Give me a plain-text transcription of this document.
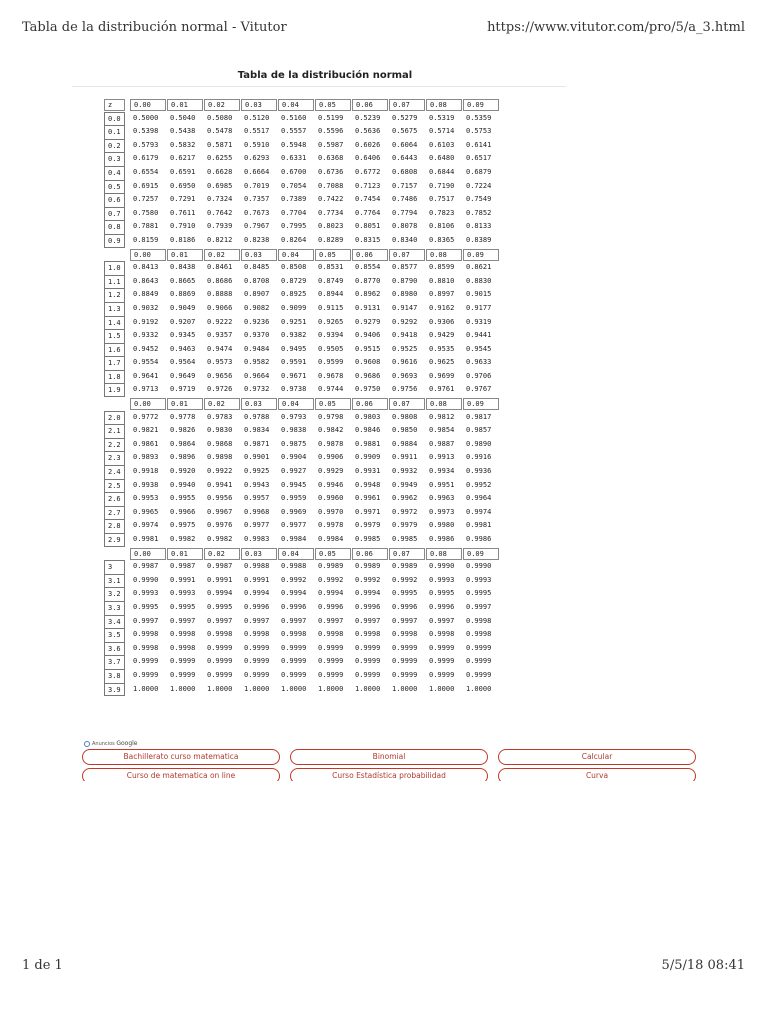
Tabla de la distribución normal - Vitutor	https://www.vitutor.com/pro/5/a_3.html
Tabla de la distribución normal
z	0.00	0.01	0.02	0.03	0.04	0.05	0.06	0.07	0.08	0.09
0.0	0.5000	0.5040	0.5080	0.5120	0.5160	0.5199	0.5239	0.5279	0.5319	0.5359
0.1	0.5398	0.5438	0.5478	0.5517	0.5557	0.5596	0.5636	0.5675	0.5714	0.5753
0.2	0.5793	0.5832	0.5871	0.5910	0.5948	0.5987	0.6026	0.6064	0.6103	0.6141
0.3	0.6179	0.6217	0.6255	0.6293	0.6331	0.6368	0.6406	0.6443	0.6480	0.6517
0.4	0.6554	0.6591	0.6628	0.6664	0.6700	0.6736	0.6772	0.6808	0.6844	0.6879
0.5	0.6915	0.6950	0.6985	0.7019	0.7054	0.7088	0.7123	0.7157	0.7190	0.7224
0.6	0.7257	0.7291	0.7324	0.7357	0.7389	0.7422	0.7454	0.7486	0.7517	0.7549
0.7	0.7580	0.7611	0.7642	0.7673	0.7704	0.7734	0.7764	0.7794	0.7823	0.7852
0.8	0.7881	0.7910	0.7939	0.7967	0.7995	0.8023	0.8051	0.8078	0.8106	0.8133
0.9	0.8159	0.8186	0.8212	0.8238	0.8264	0.8289	0.8315	0.8340	0.8365	0.8389
0.00	0.01	0.02	0.03	0.04	0.05	0.06	0.07	0.08	0.09
1.0	0.8413	0.8438	0.8461	0.8485	0.8508	0.8531	0.8554	0.8577	0.8599	0.8621
1.1	0.8643	0.8665	0.8686	0.8708	0.8729	0.8749	0.8770	0.8790	0.8810	0.8830
1.2	0.8849	0.8869	0.8888	0.8907	0.8925	0.8944	0.8962	0.8980	0.8997	0.9015
1.3	0.9032	0.9049	0.9066	0.9082	0.9099	0.9115	0.9131	0.9147	0.9162	0.9177
1.4	0.9192	0.9207	0.9222	0.9236	0.9251	0.9265	0.9279	0.9292	0.9306	0.9319
1.5	0.9332	0.9345	0.9357	0.9370	0.9382	0.9394	0.9406	0.9418	0.9429	0.9441
1.6	0.9452	0.9463	0.9474	0.9484	0.9495	0.9505	0.9515	0.9525	0.9535	0.9545
1.7	0.9554	0.9564	0.9573	0.9582	0.9591	0.9599	0.9608	0.9616	0.9625	0.9633
1.8	0.9641	0.9649	0.9656	0.9664	0.9671	0.9678	0.9686	0.9693	0.9699	0.9706
1.9	0.9713	0.9719	0.9726	0.9732	0.9738	0.9744	0.9750	0.9756	0.9761	0.9767
0.00	0.01	0.02	0.03	0.04	0.05	0.06	0.07	0.08	0.09
2.0	0.9772	0.9778	0.9783	0.9788	0.9793	0.9798	0.9803	0.9808	0.9812	0.9817
2.1	0.9821	0.9826	0.9830	0.9834	0.9838	0.9842	0.9846	0.9850	0.9854	0.9857
2.2	0.9861	0.9864	0.9868	0.9871	0.9875	0.9878	0.9881	0.9884	0.9887	0.9890
2.3	0.9893	0.9896	0.9898	0.9901	0.9904	0.9906	0.9909	0.9911	0.9913	0.9916
2.4	0.9918	0.9920	0.9922	0.9925	0.9927	0.9929	0.9931	0.9932	0.9934	0.9936
2.5	0.9938	0.9940	0.9941	0.9943	0.9945	0.9946	0.9948	0.9949	0.9951	0.9952
2.6	0.9953	0.9955	0.9956	0.9957	0.9959	0.9960	0.9961	0.9962	0.9963	0.9964
2.7	0.9965	0.9966	0.9967	0.9968	0.9969	0.9970	0.9971	0.9972	0.9973	0.9974
2.8	0.9974	0.9975	0.9976	0.9977	0.9977	0.9978	0.9979	0.9979	0.9980	0.9981
2.9	0.9981	0.9982	0.9982	0.9983	0.9984	0.9984	0.9985	0.9985	0.9986	0.9986
0.00	0.01	0.02	0.03	0.04	0.05	0.06	0.07	0.08	0.09
3	0.9987	0.9987	0.9987	0.9988	0.9988	0.9989	0.9989	0.9989	0.9990	0.9990
3.1	0.9990	0.9991	0.9991	0.9991	0.9992	0.9992	0.9992	0.9992	0.9993	0.9993
3.2	0.9993	0.9993	0.9994	0.9994	0.9994	0.9994	0.9994	0.9995	0.9995	0.9995
3.3	0.9995	0.9995	0.9995	0.9996	0.9996	0.9996	0.9996	0.9996	0.9996	0.9997
3.4	0.9997	0.9997	0.9997	0.9997	0.9997	0.9997	0.9997	0.9997	0.9997	0.9998
3.5	0.9998	0.9998	0.9998	0.9998	0.9998	0.9998	0.9998	0.9998	0.9998	0.9998
3.6	0.9998	0.9998	0.9999	0.9999	0.9999	0.9999	0.9999	0.9999	0.9999	0.9999
3.7	0.9999	0.9999	0.9999	0.9999	0.9999	0.9999	0.9999	0.9999	0.9999	0.9999
3.8	0.9999	0.9999	0.9999	0.9999	0.9999	0.9999	0.9999	0.9999	0.9999	0.9999
3.9	1.0000	1.0000	1.0000	1.0000	1.0000	1.0000	1.0000	1.0000	1.0000	1.0000
Anuncios Google
Bachillerato curso matematica	Binomial	Calcular
Curso de matematica on line	Curso Estadística probabilidad	Curva
1 de 1	5/5/18 08:41
